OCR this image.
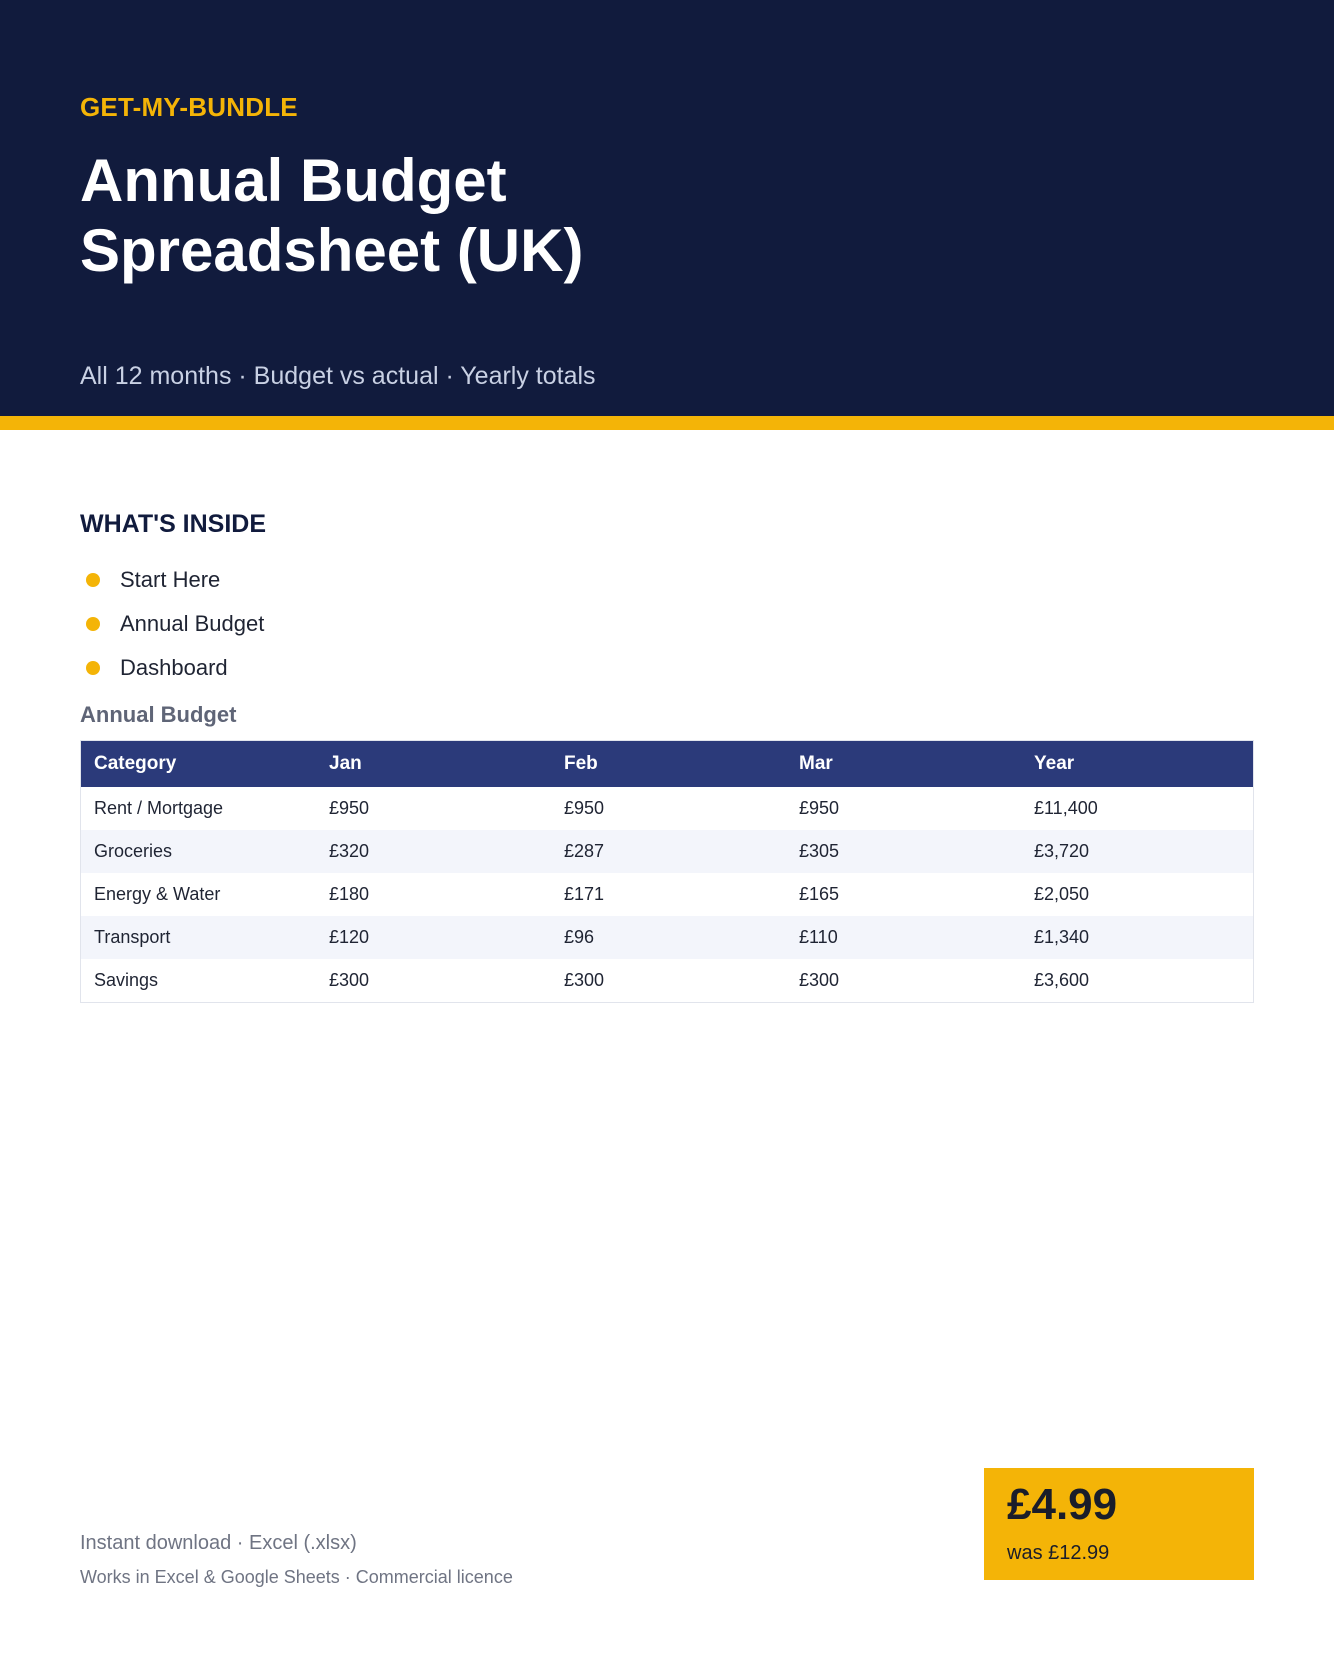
GET-MY-BUNDLE
Annual Budget Spreadsheet (UK)
All 12 months · Budget vs actual · Yearly totals
WHAT'S INSIDE
Start Here
Annual Budget
Dashboard
Annual Budget
Category	Jan	Feb	Mar	Year
Rent / Mortgage	£950	£950	£950	£11,400
Groceries	£320	£287	£305	£3,720
Energy & Water	£180	£171	£165	£2,050
Transport	£120	£96	£110	£1,340
Savings	£300	£300	£300	£3,600
Instant download · Excel (.xlsx)
Works in Excel & Google Sheets · Commercial licence
£4.99
was £12.99
